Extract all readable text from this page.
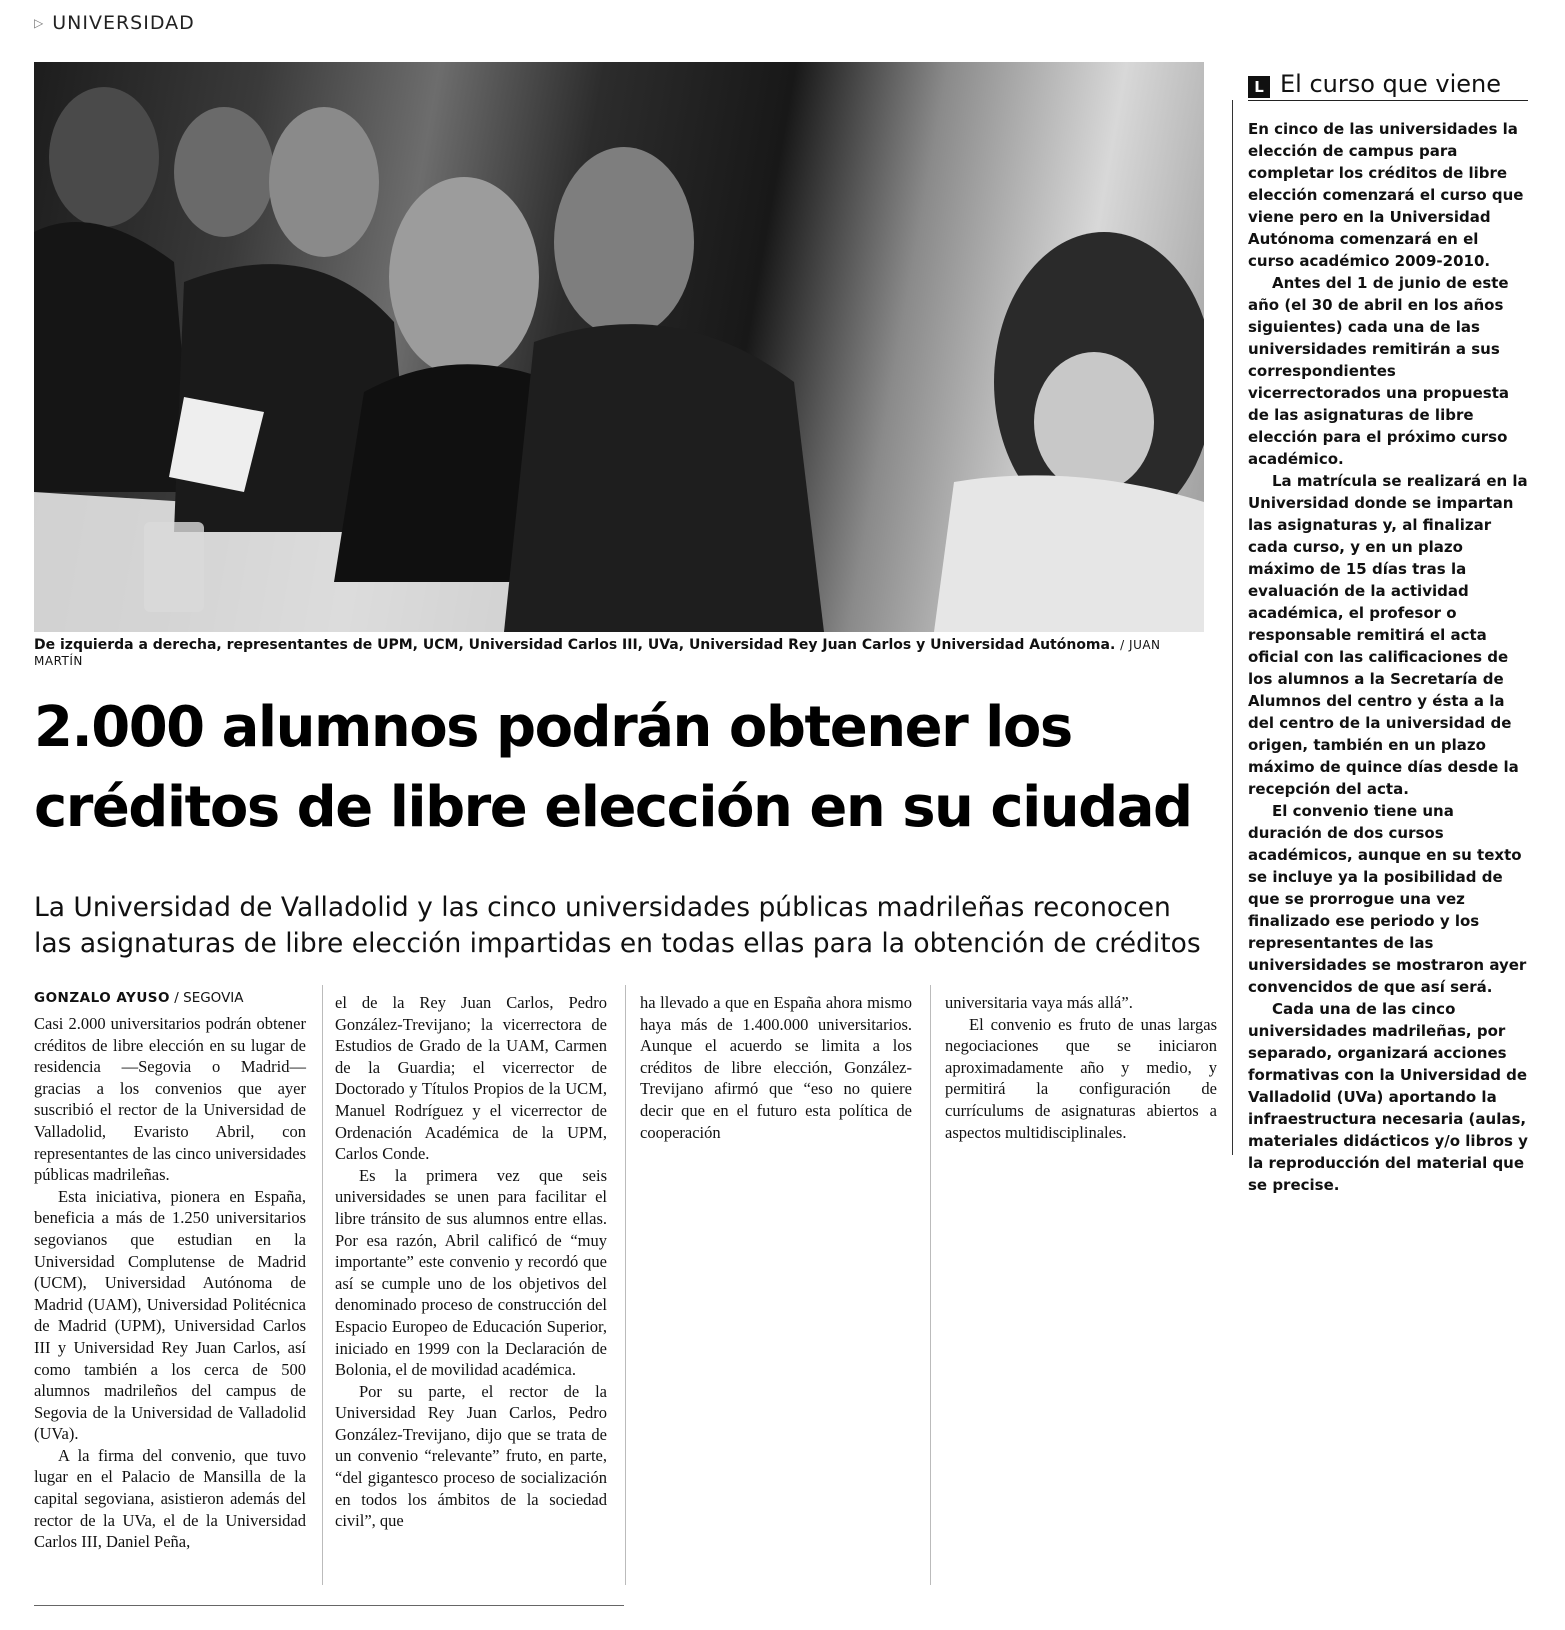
▷ UNIVERSIDAD
De izquierda a derecha, representantes de UPM, UCM, Universidad Carlos III, UVa, Universidad Rey Juan Carlos y Universidad Autónoma. / JUAN MARTÍN
2.000 alumnos podrán obtener los créditos de libre elección en su ciudad

La Universidad de Valladolid y las cinco universidades públicas madrileñas reconocen las asignaturas de libre elección impartidas en todas ellas para la obtención de créditos

GONZALO AYUSO / SEGOVIA

Casi 2.000 universitarios podrán obtener créditos de libre elección en su lugar de residencia —Segovia o Madrid— gracias a los convenios que ayer suscribió el rector de la Universidad de Valladolid, Evaristo Abril, con representantes de las cinco universidades públicas madrileñas.

Esta iniciativa, pionera en España, beneficia a más de 1.250 universitarios segovianos que estudian en la Universidad Complutense de Madrid (UCM), Universidad Autónoma de Madrid (UAM), Universidad Politécnica de Madrid (UPM), Universidad Carlos III y Universidad Rey Juan Carlos, así como también a los cerca de 500 alumnos madrileños del campus de Segovia de la Universidad de Valladolid (UVa).

A la firma del convenio, que tuvo lugar en el Palacio de Mansilla de la capital segoviana, asistieron además del rector de la UVa, el de la Universidad Carlos III, Daniel Peña,

el de la Rey Juan Carlos, Pedro González-Trevijano; la vicerrectora de Estudios de Grado de la UAM, Carmen de la Guardia; el vicerrector de Doctorado y Títulos Propios de la UCM, Manuel Rodríguez y el vicerrector de Ordenación Académica de la UPM, Carlos Conde.

Es la primera vez que seis universidades se unen para facilitar el libre tránsito de sus alumnos entre ellas. Por esa razón, Abril calificó de “muy importante” este convenio y recordó que así se cumple uno de los objetivos del denominado proceso de construcción del Espacio Europeo de Educación Superior, iniciado en 1999 con la Declaración de Bolonia, el de movilidad académica.

Por su parte, el rector de la Universidad Rey Juan Carlos, Pedro González-Trevijano, dijo que se trata de un convenio “relevante” fruto, en parte, “del gigantesco proceso de socialización en todos los ámbitos de la sociedad civil”, que

ha llevado a que en España ahora mismo haya más de 1.400.000 universitarios. Aunque el acuerdo se limita a los créditos de libre elección, González-Trevijano afirmó que “eso no quiere decir que en el futuro esta política de cooperación

universitaria vaya más allá”.

El convenio es fruto de unas largas negociaciones que se iniciaron aproximadamente año y medio, y permitirá la configuración de currículums de asignaturas abiertos a aspectos multidisciplinales.

L El curso que viene

En cinco de las universidades la elección de campus para completar los créditos de libre elección comenzará el curso que viene pero en la Universidad Autónoma comenzará en el curso académico 2009-2010.

Antes del 1 de junio de este año (el 30 de abril en los años siguientes) cada una de las universidades remitirán a sus correspondientes vicerrectorados una propuesta de las asignaturas de libre elección para el próximo curso académico.

La matrícula se realizará en la Universidad donde se impartan las asignaturas y, al finalizar cada curso, y en un plazo máximo de 15 días tras la evaluación de la actividad académica, el profesor o responsable remitirá el acta oficial con las calificaciones de los alumnos a la Secretaría de Alumnos del centro y ésta a la del centro de la universidad de origen, también en un plazo máximo de quince días desde la recepción del acta.

El convenio tiene una duración de dos cursos académicos, aunque en su texto se incluye ya la posibilidad de que se prorrogue una vez finalizado ese periodo y los representantes de las universidades se mostraron ayer convencidos de que así será.

Cada una de las cinco universidades madrileñas, por separado, organizará acciones formativas con la Universidad de Valladolid (UVa) aportando la infraestructura necesaria (aulas, materiales didácticos y/o libros y la reproducción del material que se precise.
